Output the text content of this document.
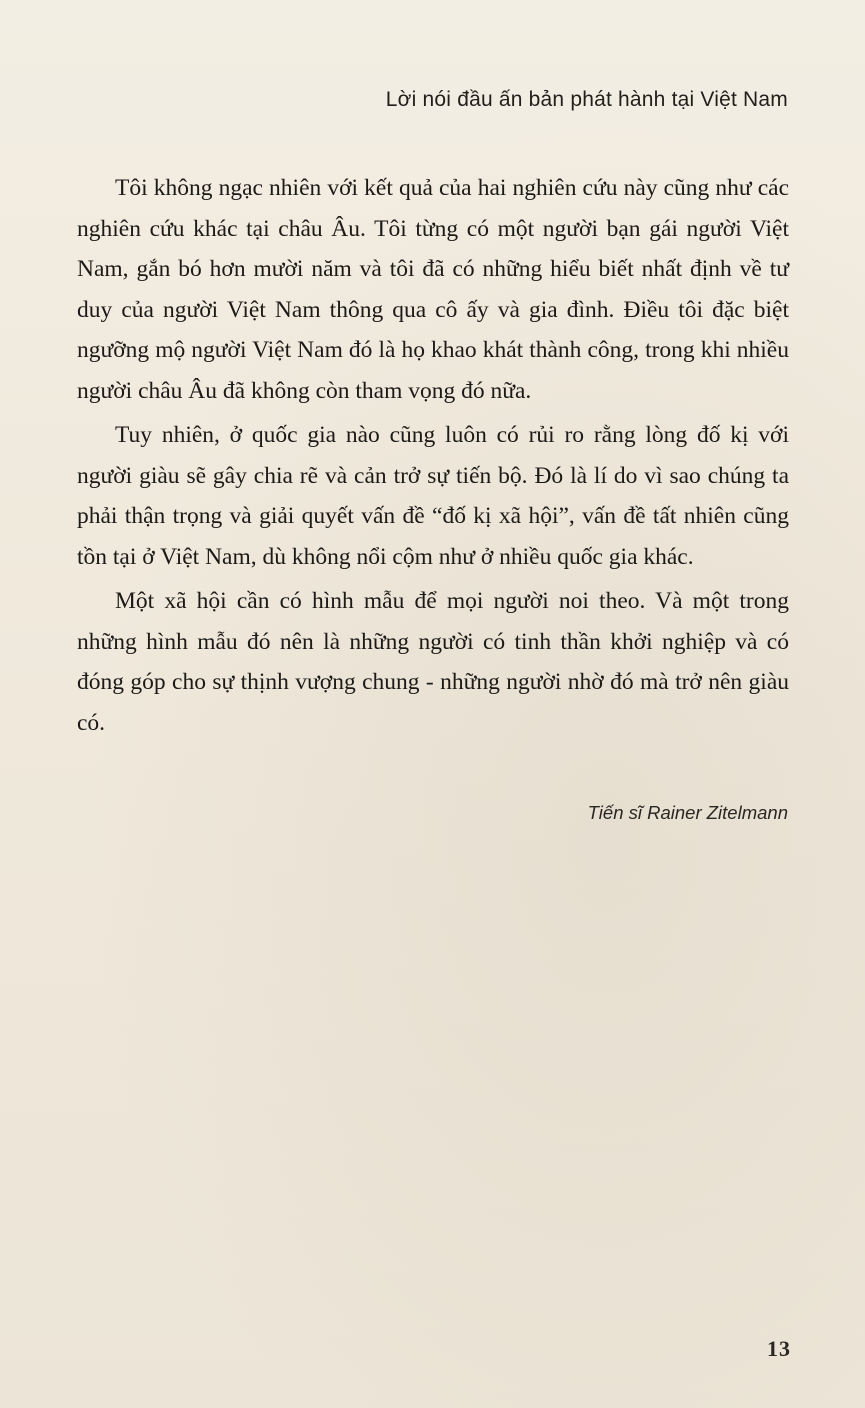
Lời nói đầu ấn bản phát hành tại Việt Nam

Tôi không ngạc nhiên với kết quả của hai nghiên cứu này cũng như các nghiên cứu khác tại châu Âu. Tôi từng có một người bạn gái người Việt Nam, gắn bó hơn mười năm và tôi đã có những hiểu biết nhất định về tư duy của người Việt Nam thông qua cô ấy và gia đình. Điều tôi đặc biệt ngưỡng mộ người Việt Nam đó là họ khao khát thành công, trong khi nhiều người châu Âu đã không còn tham vọng đó nữa.

Tuy nhiên, ở quốc gia nào cũng luôn có rủi ro rằng lòng đố kị với người giàu sẽ gây chia rẽ và cản trở sự tiến bộ. Đó là lí do vì sao chúng ta phải thận trọng và giải quyết vấn đề “đố kị xã hội”, vấn đề tất nhiên cũng tồn tại ở Việt Nam, dù không nổi cộm như ở nhiều quốc gia khác.

Một xã hội cần có hình mẫu để mọi người noi theo. Và một trong những hình mẫu đó nên là những người có tinh thần khởi nghiệp và có đóng góp cho sự thịnh vượng chung - những người nhờ đó mà trở nên giàu có.

Tiến sĩ Rainer Zitelmann
13
